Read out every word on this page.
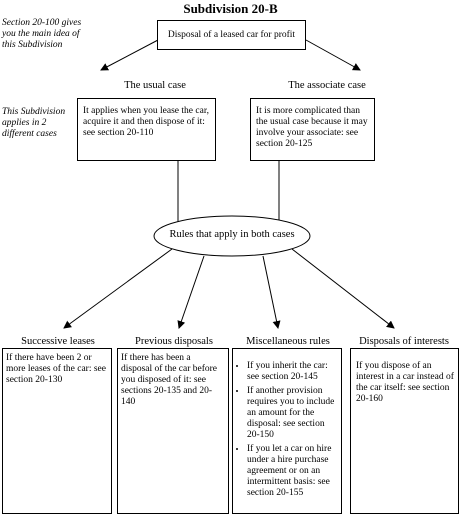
Subdivision 20-B
Section 20-100 gives you the main idea of this Subdivision
This Subdivision applies in 2 different cases
Disposal of a leased car for profit
The usual case	The associate case
It applies when you lease the car, acquire it and then dispose of it: see section 20-110
It is more complicated than the usual case because it may involve your associate: see section 20-125
Rules that apply in both cases
Successive leases	Previous disposals	Miscellaneous rules	Disposals of interests
If there have been 2 or more leases of the car: see section 20-130
If there has been a disposal of the car before you disposed of it: see sections 20-135 and 20-140
• If you inherit the car: see section 20-145
• If another provision requires you to include an amount for the disposal: see section 20-150
• If you let a car on hire under a hire purchase agreement or on an intermittent basis: see section 20-155
If you dispose of an interest in a car instead of the car itself: see section 20-160
